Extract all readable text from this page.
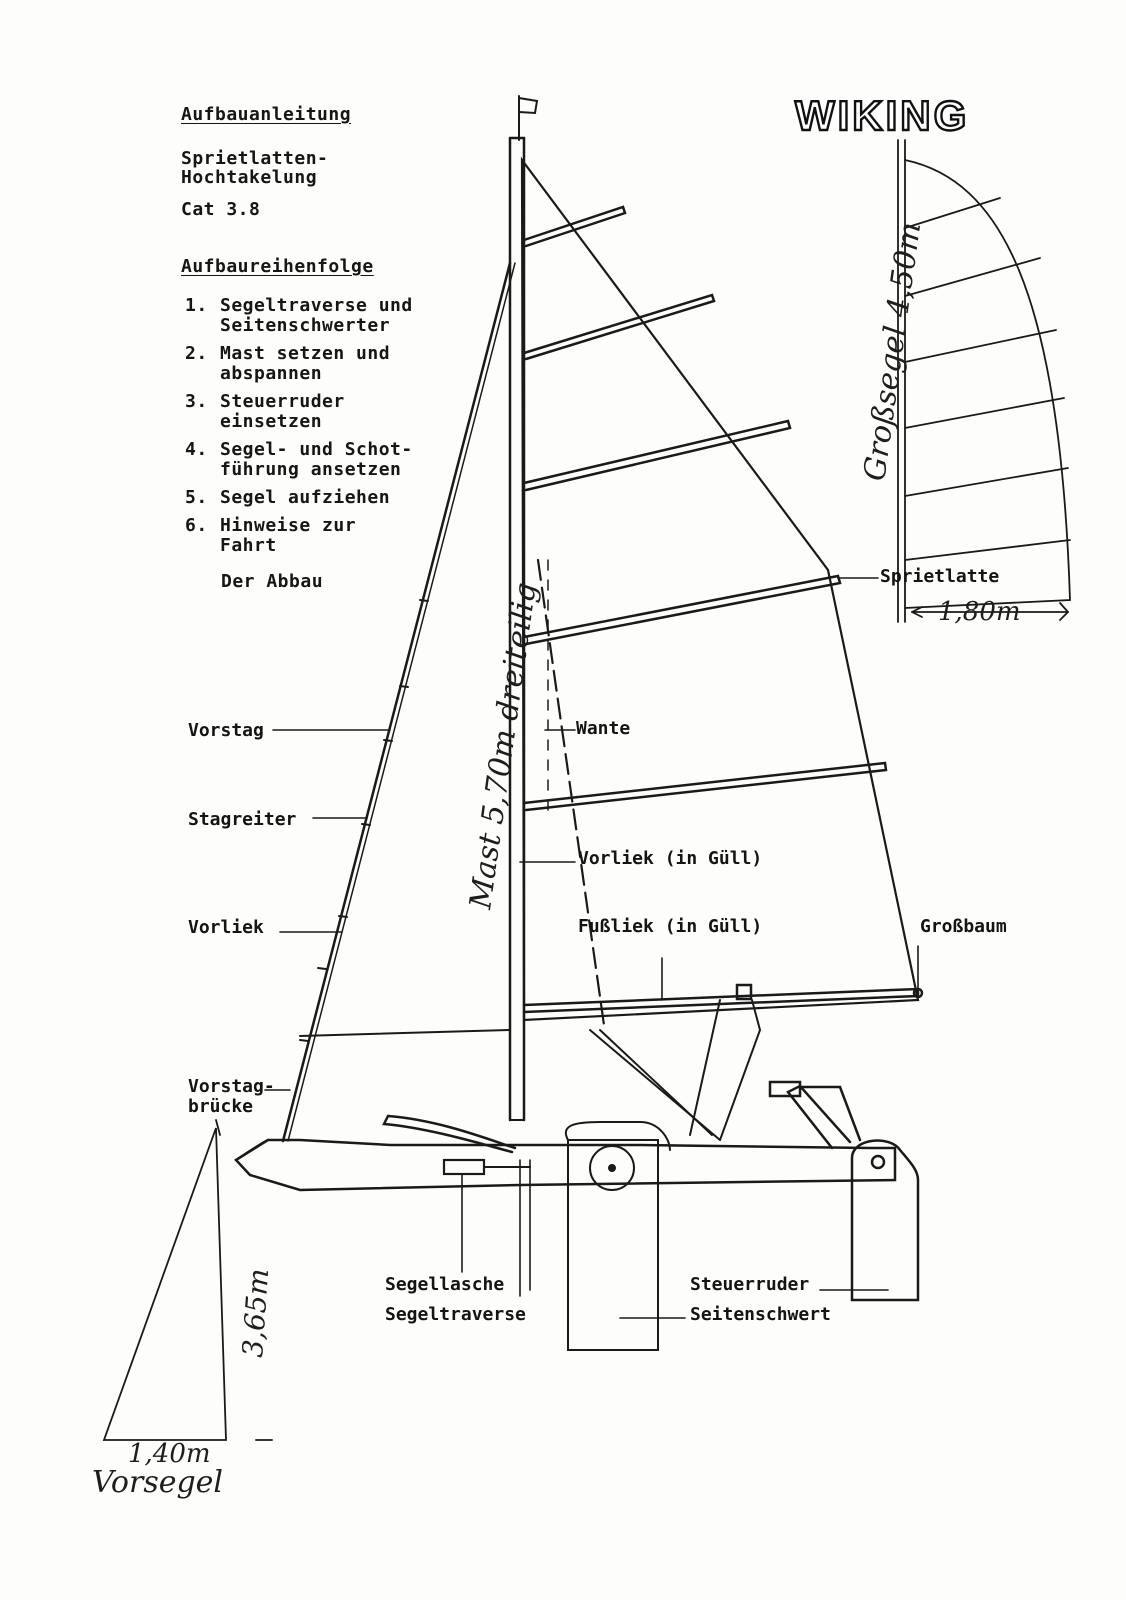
Aufbauanleitung
Sprietlatten-
Hochtakelung
Cat 3.8
Aufbaureihenfolge
1. Segeltraverse und
Seitenschwerter
2. Mast setzen und
abspannen
3. Steuerruder
einsetzen
4. Segel- und Schot-
führung ansetzen
5. Segel aufziehen
6. Hinweise zur
Fahrt
Der Abbau
WIKING
Vorstag
Stagreiter
Vorliek
Vorstag-
brücke
Wante
Vorliek (in Güll)
Fußliek (in Güll)	Großbaum
Sprietlatte
Segellasche
Segeltraverse
Steuerruder
Seitenschwert
Mast 5,70m dreiteilig
Großsegel 4,50m
1,80m
3,65m
1,40m
Vorsegel
